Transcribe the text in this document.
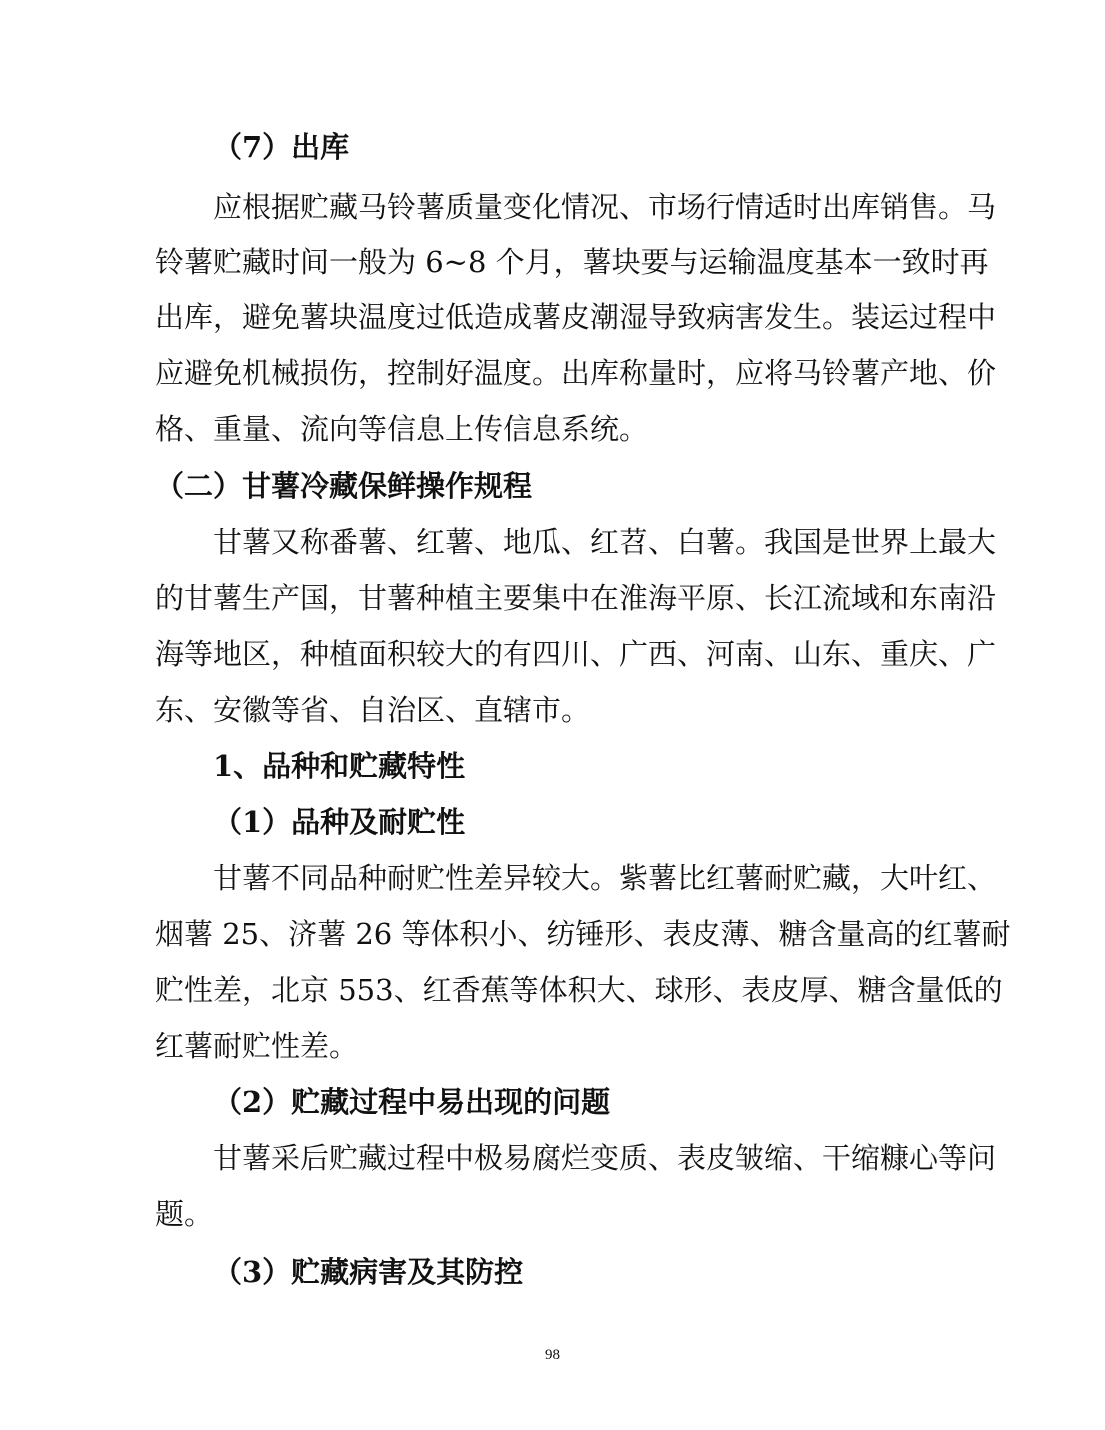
（7）出库
应根据贮藏马铃薯质量变化情况、市场行情适时出库销售。马
铃薯贮藏时间一般为 6~8 个月，薯块要与运输温度基本一致时再
出库，避免薯块温度过低造成薯皮潮湿导致病害发生。装运过程中
应避免机械损伤，控制好温度。出库称量时，应将马铃薯产地、价
格、重量、流向等信息上传信息系统。
（二）甘薯冷藏保鲜操作规程
甘薯又称番薯、红薯、地瓜、红苕、白薯。我国是世界上最大
的甘薯生产国，甘薯种植主要集中在淮海平原、长江流域和东南沿
海等地区，种植面积较大的有四川、广西、河南、山东、重庆、广
东、安徽等省、自治区、直辖市。
1、品种和贮藏特性
（1）品种及耐贮性
甘薯不同品种耐贮性差异较大。紫薯比红薯耐贮藏，大叶红、
烟薯 25、济薯 26 等体积小、纺锤形、表皮薄、糖含量高的红薯耐
贮性差，北京 553、红香蕉等体积大、球形、表皮厚、糖含量低的
红薯耐贮性差。
（2）贮藏过程中易出现的问题
甘薯采后贮藏过程中极易腐烂变质、表皮皱缩、干缩糠心等问
题。
（3）贮藏病害及其防控
98
